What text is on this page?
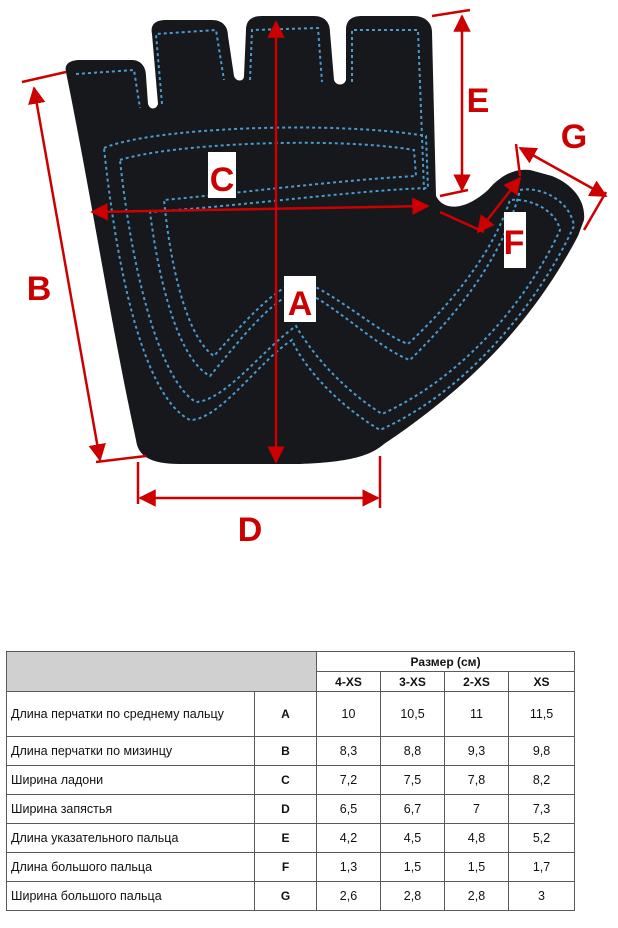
A
B
C
D
E
F
G
		Размер (см)			
		4-XS	3-XS	2-XS	XS
Длина перчатки по среднему пальцу	A	10	10,5	11	11,5
Длина перчатки по мизинцу	B	8,3	8,8	9,3	9,8
Ширина ладони	C	7,2	7,5	7,8	8,2
Ширина запястья	D	6,5	6,7	7	7,3
Длина указательного пальца	E	4,2	4,5	4,8	5,2
Длина большого пальца	F	1,3	1,5	1,5	1,7
Ширина большого пальца	G	2,6	2,8	2,8	3
